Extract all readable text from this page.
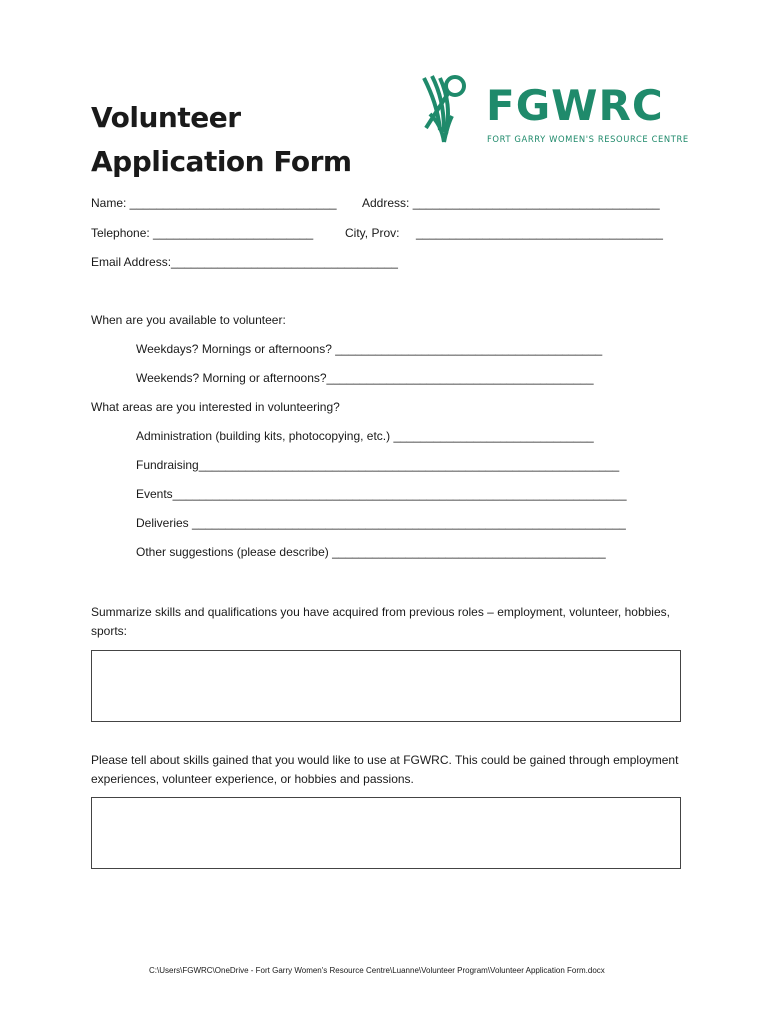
Volunteer Application Form
FGWRC
FORT GARRY WOMEN'S RESOURCE CENTRE
Name: _______________________________ Address: _____________________________________
Telephone: ________________________	City, Prov: _____________________________________
Email Address:__________________________________
When are you available to volunteer:
Weekdays? Mornings or afternoons? ________________________________________
Weekends? Morning or afternoons?________________________________________
What areas are you interested in volunteering?
Administration (building kits, photocopying, etc.) ______________________________
Fundraising_______________________________________________________________
Events____________________________________________________________________
Deliveries _________________________________________________________________
Other suggestions (please describe) _________________________________________
Summarize skills and qualifications you have acquired from previous roles – employment, volunteer, hobbies, sports:
Please tell about skills gained that you would like to use at FGWRC. This could be gained through employment experiences, volunteer experience, or hobbies and passions.
C:\Users\FGWRC\OneDrive - Fort Garry Women's Resource Centre\Luanne\Volunteer Program\Volunteer Application Form.docx
